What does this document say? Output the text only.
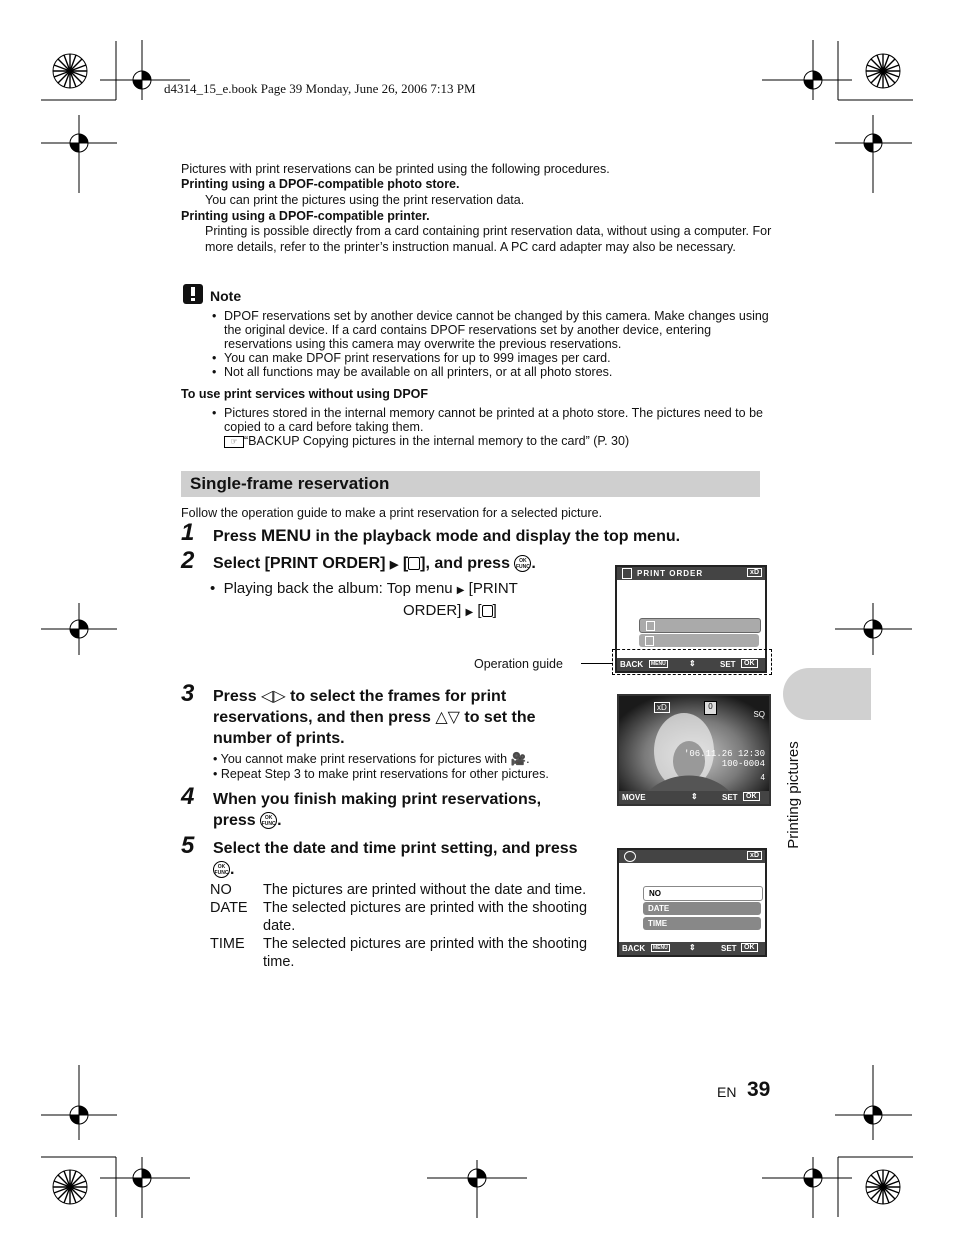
d4314_15_e.book Page 39 Monday, June 26, 2006 7:13 PM
Pictures with print reservations can be printed using the following procedures.
Printing using a DPOF-compatible photo store.
You can print the pictures using the print reservation data.
Printing using a DPOF-compatible printer.
Printing is possible directly from a card containing print reservation data, without using a computer. For more details, refer to the printer’s instruction manual. A PC card adapter may also be necessary.
Note
• DPOF reservations set by another device cannot be changed by this camera. Make changes using the original device. If a card contains DPOF reservations set by another device, entering reservations using this camera may overwrite the previous reservations.
• You can make DPOF print reservations for up to 999 images per card.
• Not all functions may be available on all printers, or at all photo stores.
To use print services without using DPOF
• Pictures stored in the internal memory cannot be printed at a photo store. The pictures need to be copied to a card before taking them.
☞ “BACKUP Copying pictures in the internal memory to the card” (P. 30)
Single-frame reservation
Follow the operation guide to make a print reservation for a selected picture.
1 Press MENU in the playback mode and display the top menu.
2 Select [PRINT ORDER] ▶ [ ], and press OK
FUNC.
•  Playing back the album: Top menu ▶ [PRINT
ORDER] ▶ [ ]
PRINT ORDER	xD
BACK	MENU	⇕	SET	OK
Operation guide
Printing pictures
3 Press ◁▷ to select the frames for print
reservations, and then press △▽ to set the
number of prints.
• You cannot make print reservations for pictures with 🎥.
• Repeat Step 3 to make print reservations for other pictures.
xD	0
SQ
'06.11.26 12:30
100-0004
4
MOVE	⇕	SET	OK
4 When you finish making print reservations,
press OK
FUNC.
5 Select the date and time print setting, and press
OK
FUNC.
NO	The pictures are printed without the date and time.
DATE	The selected pictures are printed with the shooting date.
TIME	The selected pictures are printed with the shooting time.
xD
NO
DATE
TIME
BACK	MENU	⇕	SET	OK
EN 39
